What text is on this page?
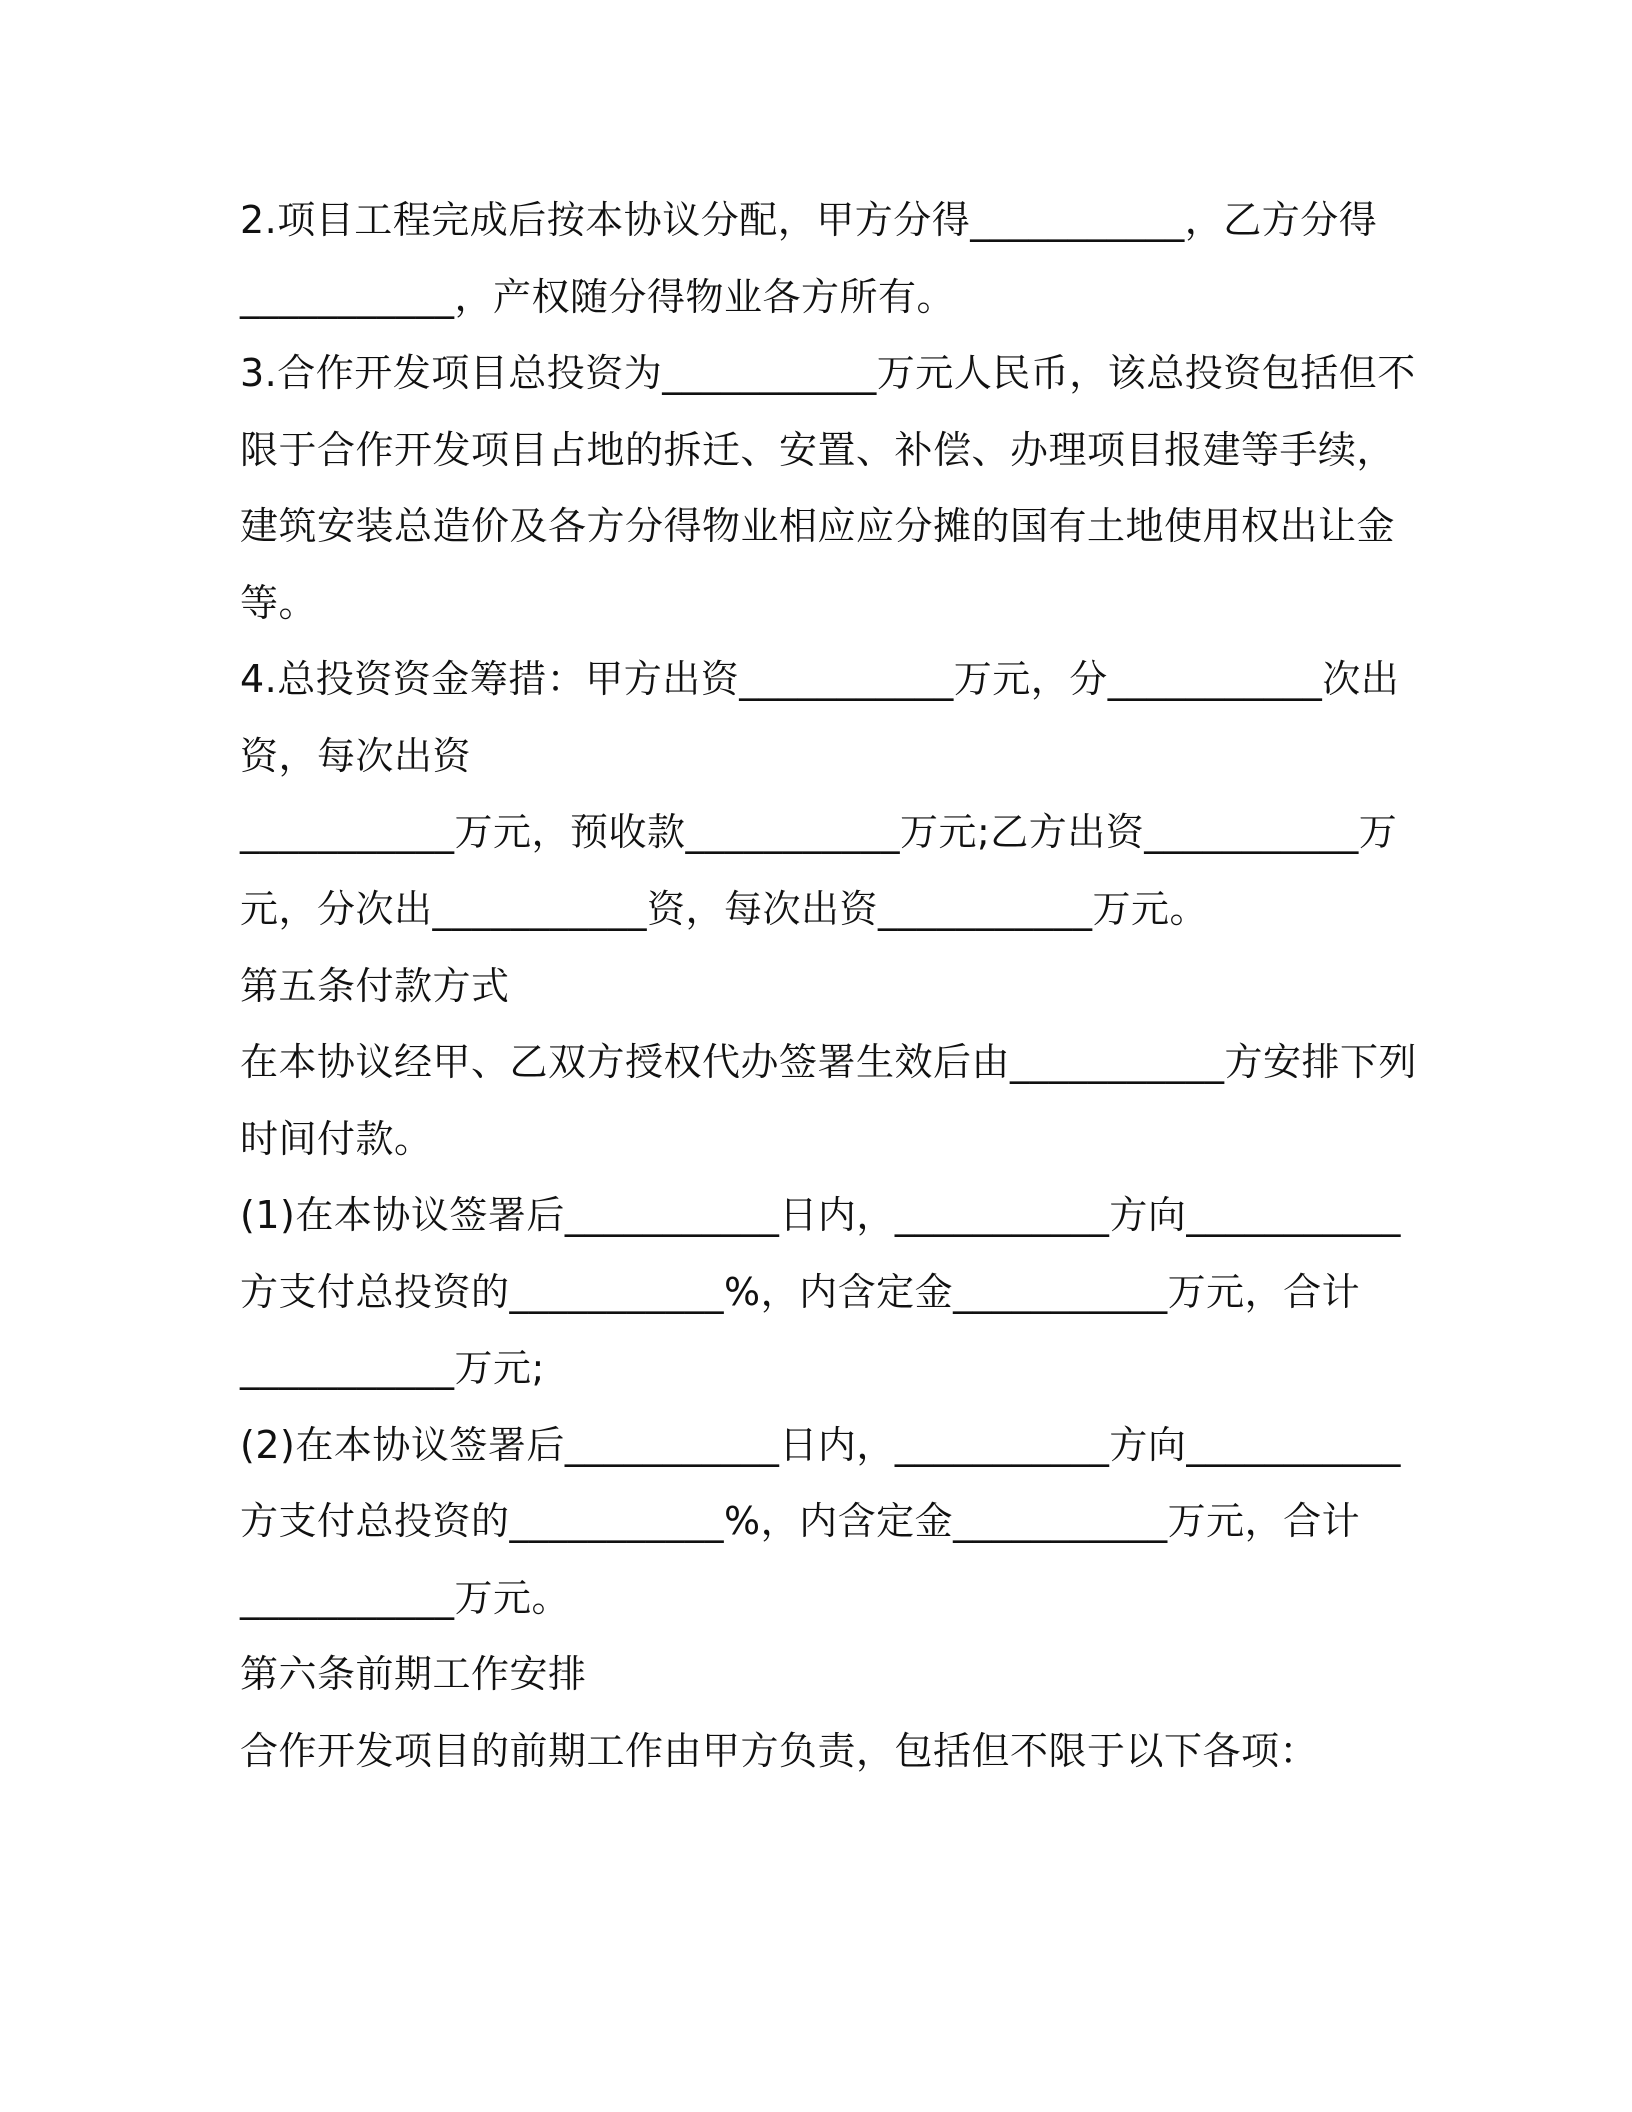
2.项目工程完成后按本协议分配，甲方分得___________，乙方分得
___________，产权随分得物业各方所有。
3.合作开发项目总投资为___________万元人民币，该总投资包括但不
限于合作开发项目占地的拆迁、安置、补偿、办理项目报建等手续，
建筑安装总造价及各方分得物业相应应分摊的国有土地使用权出让金
等。
4.总投资资金筹措：甲方出资___________万元，分___________次出
资，每次出资
___________万元，预收款___________万元;乙方出资___________万
元，分次出___________资，每次出资___________万元。
第五条付款方式
在本协议经甲、乙双方授权代办签署生效后由___________方安排下列
时间付款。
(1)在本协议签署后___________日内，___________方向___________
方支付总投资的___________%，内含定金___________万元，合计
___________万元;
(2)在本协议签署后___________日内，___________方向___________
方支付总投资的___________%，内含定金___________万元，合计
___________万元。
第六条前期工作安排
合作开发项目的前期工作由甲方负责，包括但不限于以下各项：
